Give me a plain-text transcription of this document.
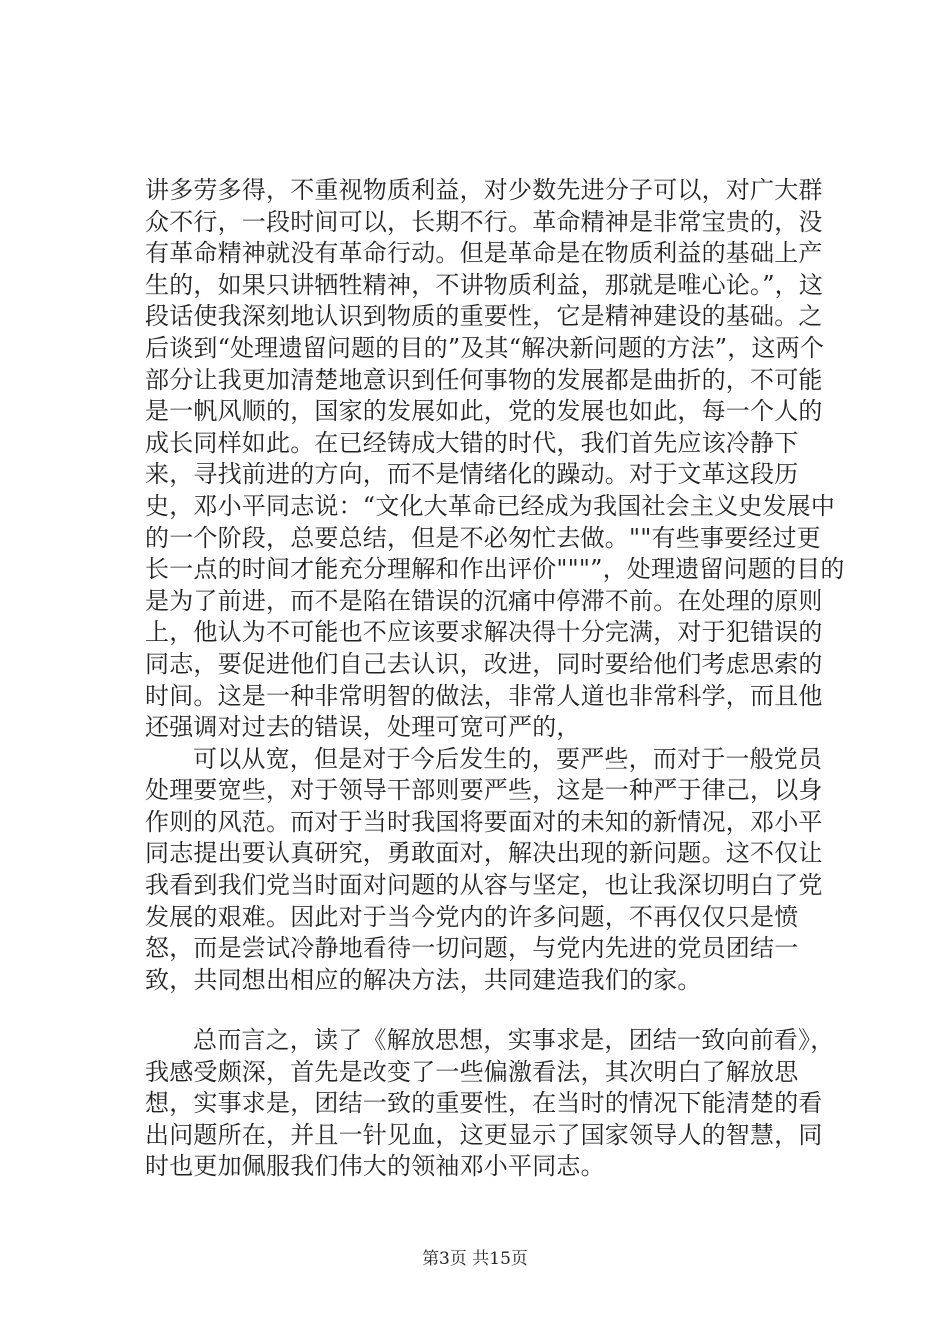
讲多劳多得，不重视物质利益，对少数先进分子可以，对广大群众不行，一段时间可以，长期不行。革命精神是非常宝贵的，没有革命精神就没有革命行动。但是革命是在物质利益的基础上产生的，如果只讲牺牲精神，不讲物质利益，那就是唯心论。”，这段话使我深刻地认识到物质的重要性，它是精神建设的基础。之后谈到“处理遗留问题的目的”及其“解决新问题的方法”，这两个部分让我更加清楚地意识到任何事物的发展都是曲折的，不可能是一帆风顺的，国家的发展如此，党的发展也如此，每一个人的成长同样如此。在已经铸成大错的时代，我们首先应该冷静下来，寻找前进的方向，而不是情绪化的躁动。对于文革这段历史，邓小平同志说：“文化大革命已经成为我国社会主义史发展中的一个阶段，总要总结，但是不必匆忙去做。""有些事要经过更长一点的时间才能充分理解和作出评价"""”，处理遗留问题的目的是为了前进，而不是陷在错误的沉痛中停滞不前。在处理的原则上，他认为不可能也不应该要求解决得十分完满，对于犯错误的同志，要促进他们自己去认识，改进，同时要给他们考虑思索的时间。这是一种非常明智的做法，非常人道也非常科学，而且他还强调对过去的错误，处理可宽可严的，

可以从宽，但是对于今后发生的，要严些，而对于一般党员处理要宽些，对于领导干部则要严些，这是一种严于律己，以身作则的风范。而对于当时我国将要面对的未知的新情况，邓小平同志提出要认真研究，勇敢面对，解决出现的新问题。这不仅让我看到我们党当时面对问题的从容与坚定，也让我深切明白了党发展的艰难。因此对于当今党内的许多问题，不再仅仅只是愤怒，而是尝试冷静地看待一切问题，与党内先进的党员团结一致，共同想出相应的解决方法，共同建造我们的家。

总而言之，读了《解放思想，实事求是，团结一致向前看》，我感受颇深，首先是改变了一些偏激看法，其次明白了解放思想，实事求是，团结一致的重要性，在当时的情况下能清楚的看出问题所在，并且一针见血，这更显示了国家领导人的智慧，同时也更加佩服我们伟大的领袖邓小平同志。

第3页 共15页
